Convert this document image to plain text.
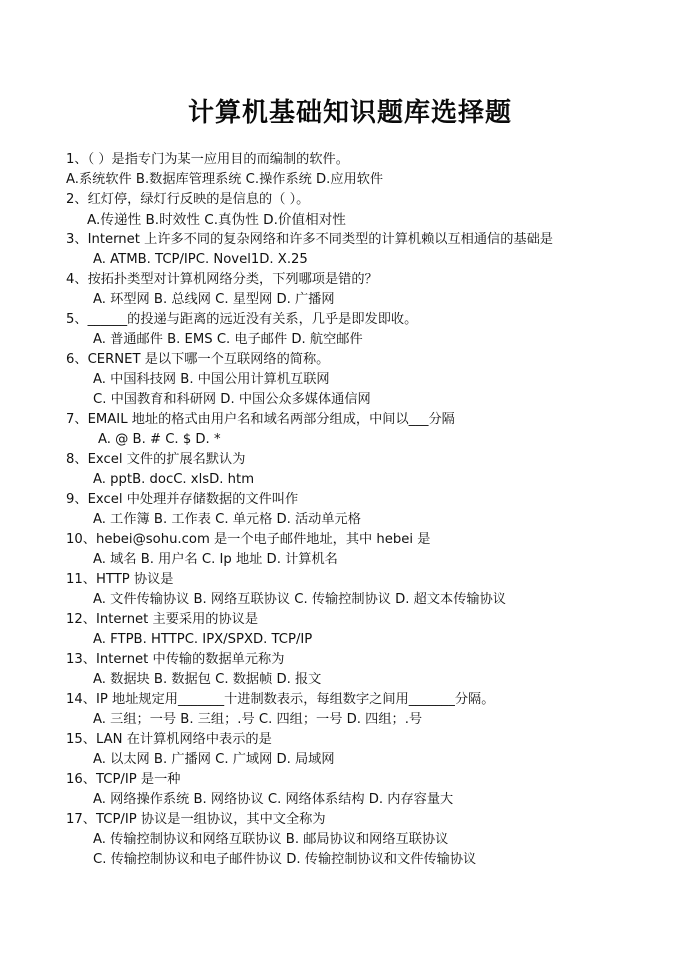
计算机基础知识题库选择题
1、（ ）是指专门为某一应用目的而编制的软件。
A.系统软件 B.数据库管理系统 C.操作系统 D.应用软件
2、红灯停，绿灯行反映的是信息的（ ）。
A.传递性 B.时效性 C.真伪性 D.价值相对性
3、Internet 上许多不同的复杂网络和许多不同类型的计算机赖以互相通信的基础是
A. ATMB. TCP/IPC. Novel1D. X.25
4、按拓扑类型对计算机网络分类，下列哪项是错的？
A. 环型网 B. 总线网 C. 星型网 D. 广播网
5、______的投递与距离的远近没有关系，几乎是即发即收。
A. 普通邮件 B. EMS C. 电子邮件 D. 航空邮件
6、CERNET 是以下哪一个互联网络的简称。
A. 中国科技网 B. 中国公用计算机互联网
C. 中国教育和科研网 D. 中国公众多媒体通信网
7、EMAIL 地址的格式由用户名和域名两部分组成，中间以___分隔
A. @ B. # C. $ D. *
8、Excel 文件的扩展名默认为
A. pptB. docC. xlsD. htm
9、Excel 中处理并存储数据的文件叫作
A. 工作簿 B. 工作表 C. 单元格 D. 活动单元格
10、hebei@sohu.com 是一个电子邮件地址，其中 hebei 是
A. 域名 B. 用户名 C. Ip 地址 D. 计算机名
11、HTTP 协议是
A. 文件传输协议 B. 网络互联协议 C. 传输控制协议 D. 超文本传输协议
12、Internet 主要采用的协议是
A. FTPB. HTTPC. IPX/SPXD. TCP/IP
13、Internet 中传输的数据单元称为
A. 数据块 B. 数据包 C. 数据帧 D. 报文
14、IP 地址规定用_______十进制数表示，每组数字之间用_______分隔。
A. 三组；一号 B. 三组；.号 C. 四组；一号 D. 四组；.号
15、LAN 在计算机网络中表示的是
A. 以太网 B. 广播网 C. 广域网 D. 局域网
16、TCP/IP 是一种
A. 网络操作系统 B. 网络协议 C. 网络体系结构 D. 内存容量大
17、TCP/IP 协议是一组协议，其中文全称为
A. 传输控制协议和网络互联协议 B. 邮局协议和网络互联协议
C. 传输控制协议和电子邮件协议 D. 传输控制协议和文件传输协议
